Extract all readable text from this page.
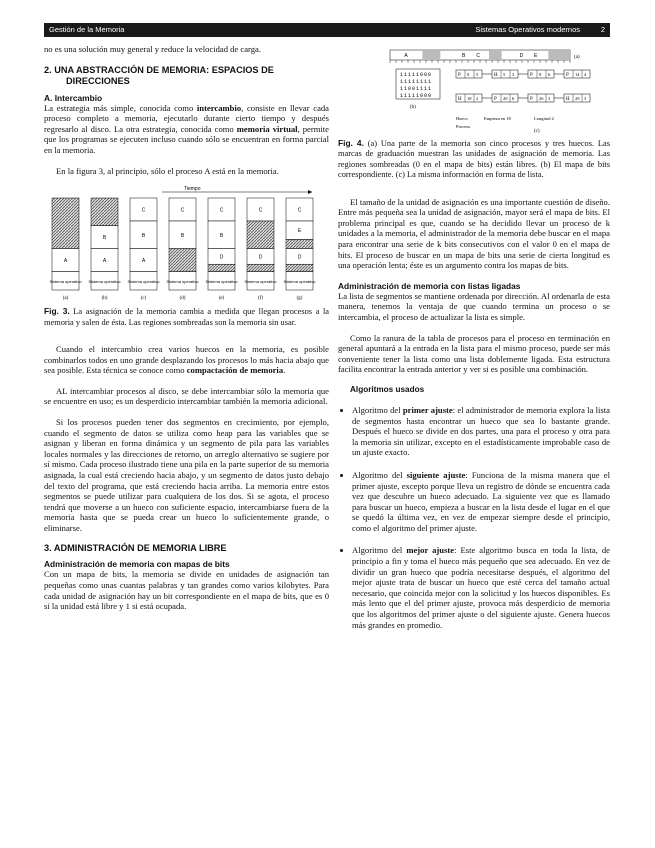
Gestión de la Memoria	Sistemas Operativos modernos	2

no es una solución muy general y reduce la velocidad de carga.

2. UNA ABSTRACCIÓN DE MEMORIA: ESPACIOS DE DIRECCIONES
A. Intercambio

La estrategia más simple, conocida como intercambio, consiste en llevar cada proceso completo a memoria, ejecutarlo durante cierto tiempo y después regresarlo al disco. La otra estrategia, conocida como memoria virtual, permite que los programas se ejecuten incluso cuando sólo se encuentran en forma parcial en la memoria.

En la figura 3, al principio, sólo el proceso A está en la memoria.

Tiempo
A
Sistema operativo
(a)
B
A
Sistema operativo
(b)
C
B
A
Sistema operativo
(c)
C
B
Sistema operativo
(d)
C
B
D
Sistema operativo
(e)
C
D
Sistema operativo
(f)
C
E
D
Sistema operativo
(g)

Fig. 3. La asignación de la memoria cambia a medida que llegan procesos a la memoria y salen de ésta. Las regiones sombreadas son la memoria sin usar.

Cuando el intercambio crea varios huecos en la memoria, es posible combinarlos todos en uno grande desplazando los procesos lo más hacia abajo que sea posible. Esta técnica se conoce como compactación de memoria.

AL intercambiar procesos al disco, se debe intercambiar sólo la memoria que se encuentre en uso; es un desperdicio intercambiar también la memoria adicional.

Si los procesos pueden tener dos segmentos en crecimiento, por ejemplo, cuando el segmento de datos se utiliza como heap para las variables que se asignan y liberan en forma dinámica y un segmento de pila para las variables locales normales y las direcciones de retorno, un arreglo alternativo se sugiere por sí mismo. Cada proceso ilustrado tiene una pila en la parte superior de su memoria asignada, la cual está creciendo hacia abajo, y un segmento de datos justo debajo del texto del programa, que está creciendo hacia arriba. La memoria entre estos segmentos se puede utilizar para cualquiera de los dos. Si se agota, el proceso tendrá que moverse a un hueco con suficiente espacio, intercambiarse fuera de la memoria hasta que se pueda crear un hueco lo suficientemente grande, o eliminarse.

3. ADMINISTRACIÓN DE MEMORIA LIBRE
Administración de memoria con mapas de bits

Con un mapa de bits, la memoria se divide en unidades de asignación tan pequeñas como unas cuantas palabras y tan grandes como varios kilobytes. Para cada unidad de asignación hay un bit correspondiente en el mapa de bits, que es 0 si la unidad está libre y 1 si está ocupada.

A	B C	D E	(a)
11111000
11111111
11001111
11111000
(b)
P 0 5	H 5 3	P 8 6	P 14 4
H 18 2	P 20 6	P 26 3	H 29 3
Hueco	Empieza en 18	Longitud 2
Proceso
(c)

Fig. 4. (a) Una parte de la memoria son cinco procesos y tres huecos. Las marcas de graduación muestran las unidades de asignación de memoria. Las regiones sombreadas (0 en el mapa de bits) están libres. (b) El mapa de bits correspondiente. (c) La misma información en forma de lista.

El tamaño de la unidad de asignación es una importante cuestión de diseño. Entre más pequeña sea la unidad de asignación, mayor será el mapa de bits. El problema principal es que, cuando se ha decidido llevar un proceso de k unidades a la memoria, el administrador de la memoria debe buscar en el mapa para encontrar una serie de k bits consecutivos con el valor 0 en el mapa de bits. El proceso de buscar en un mapa de bits una serie de cierta longitud es una operación lenta; éste es un argumento contra los mapas de bits.

Administración de memoria con listas ligadas

La lista de segmentos se mantiene ordenada por dirección. Al ordenarla de esta manera, tenemos la ventaja de que cuando termina un proceso o se intercambia, el proceso de actualizar la lista es simple.

Como la ranura de la tabla de procesos para el proceso en terminación en general apuntará a la entrada en la lista para el mismo proceso, puede ser más conveniente tener la lista como una lista doblemente ligada. Esta estructura facilita encontrar la entrada anterior y ver si es posible una combinación.

Algoritmos usados
• Algoritmo del primer ajuste: el administrador de memoria explora la lista de segmentos hasta encontrar un hueco que sea lo bastante grande. Después el hueco se divide en dos partes, una para el proceso y otra para la memoria sin utilizar, excepto en el estadísticamente improbable caso de un ajuste exacto.
• Algoritmo del siguiente ajuste: Funciona de la misma manera que el primer ajuste, excepto porque lleva un registro de dónde se encuentra cada vez que descubre un hueco adecuado. La siguiente vez que es llamado para buscar un hueco, empieza a buscar en la lista desde el lugar en el que se quedó la última vez, en vez de empezar siempre desde el principio, como el algoritmo del primer ajuste.
• Algoritmo del mejor ajuste: Este algoritmo busca en toda la lista, de principio a fin y toma el hueco más pequeño que sea adecuado. En vez de dividir un gran hueco que podría necesitarse después, el algoritmo del mejor ajuste trata de buscar un hueco que esté cerca del tamaño actual necesario, que coincida mejor con la solicitud y los huecos disponibles. Es más lento que el del primer ajuste, provoca más desperdicio de memoria que los algoritmos del primer ajuste o del siguiente ajuste. Genera huecos más grandes en promedio.
